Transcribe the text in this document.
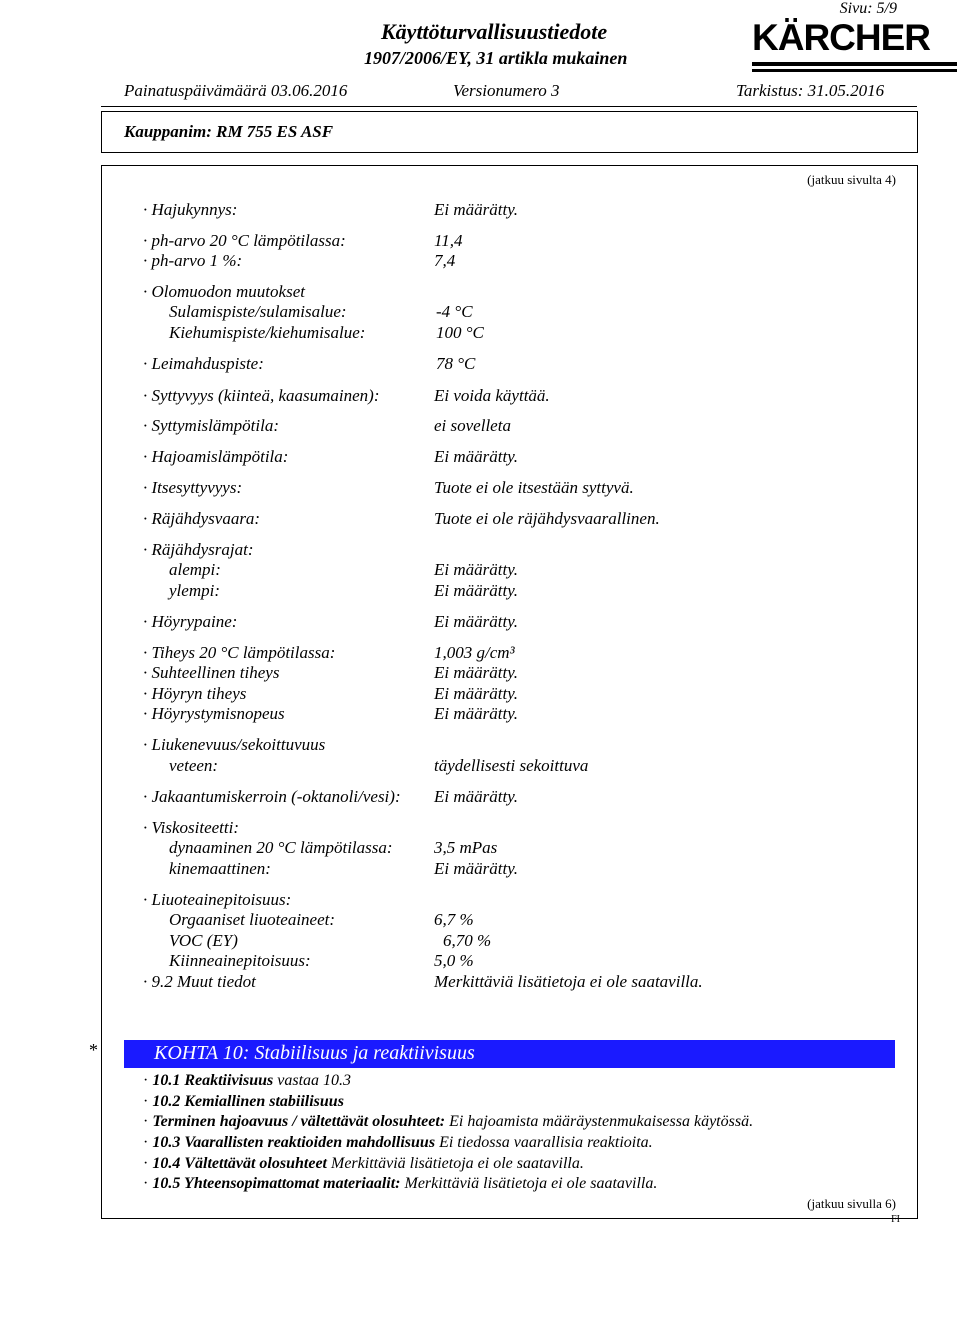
Sivu: 5/9
Käyttöturvallisuustiedote
1907/2006/EY, 31 artikla mukainen	KÄRCHER
Painatuspäivämäärä 03.06.2016	Versionumero 3	Tarkistus: 31.05.2016
Kauppanim: RM 755 ES ASF
(jatkuu sivulta 4)
· Hajukynnys:	Ei määrätty.
· ph-arvo 20 °C lämpötilassa:	11,4
· ph-arvo 1 %:	7,4
· Olomuodon muutokset
Sulamispiste/sulamisalue:	-4 °C
Kiehumispiste/kiehumisalue:	100 °C
· Leimahduspiste:	78 °C
· Syttyvyys (kiinteä, kaasumainen):	Ei voida käyttää.
· Syttymislämpötila:	ei sovelleta
· Hajoamislämpötila:	Ei määrätty.
· Itsesyttyvyys:	Tuote ei ole itsestään syttyvä.
· Räjähdysvaara:	Tuote ei ole räjähdysvaarallinen.
· Räjähdysrajat:
alempi:	Ei määrätty.
ylempi:	Ei määrätty.
· Höyrypaine:	Ei määrätty.
· Tiheys 20 °C lämpötilassa:	1,003 g/cm³
· Suhteellinen tiheys	Ei määrätty.
· Höyryn tiheys	Ei määrätty.
· Höyrystymisnopeus	Ei määrätty.
· Liukenevuus/sekoittuvuus
veteen:	täydellisesti sekoittuva
· Jakaantumiskerroin (-oktanoli/vesi): Ei määrätty.
· Viskositeetti:
dynaaminen 20 °C lämpötilassa: 3,5 mPas
kinemaattinen:	Ei määrätty.
· Liuoteainepitoisuus:
Orgaaniset liuoteaineet:	6,7 %
VOC (EY)	6,70 %
Kiinneainepitoisuus:	5,0 %
· 9.2 Muut tiedot	Merkittäviä lisätietoja ei ole saatavilla.
*	KOHTA 10: Stabiilisuus ja reaktiivisuus
· 10.1 Reaktiivisuus vastaa 10.3
· 10.2 Kemiallinen stabiilisuus
· Terminen hajoavuus / vältettävät olosuhteet: Ei hajoamista määräystenmukaisessa käytössä.
· 10.3 Vaarallisten reaktioiden mahdollisuus Ei tiedossa vaarallisia reaktioita.
· 10.4 Vältettävät olosuhteet Merkittäviä lisätietoja ei ole saatavilla.
· 10.5 Yhteensopimattomat materiaalit: Merkittäviä lisätietoja ei ole saatavilla.
(jatkuu sivulla 6)
FI
